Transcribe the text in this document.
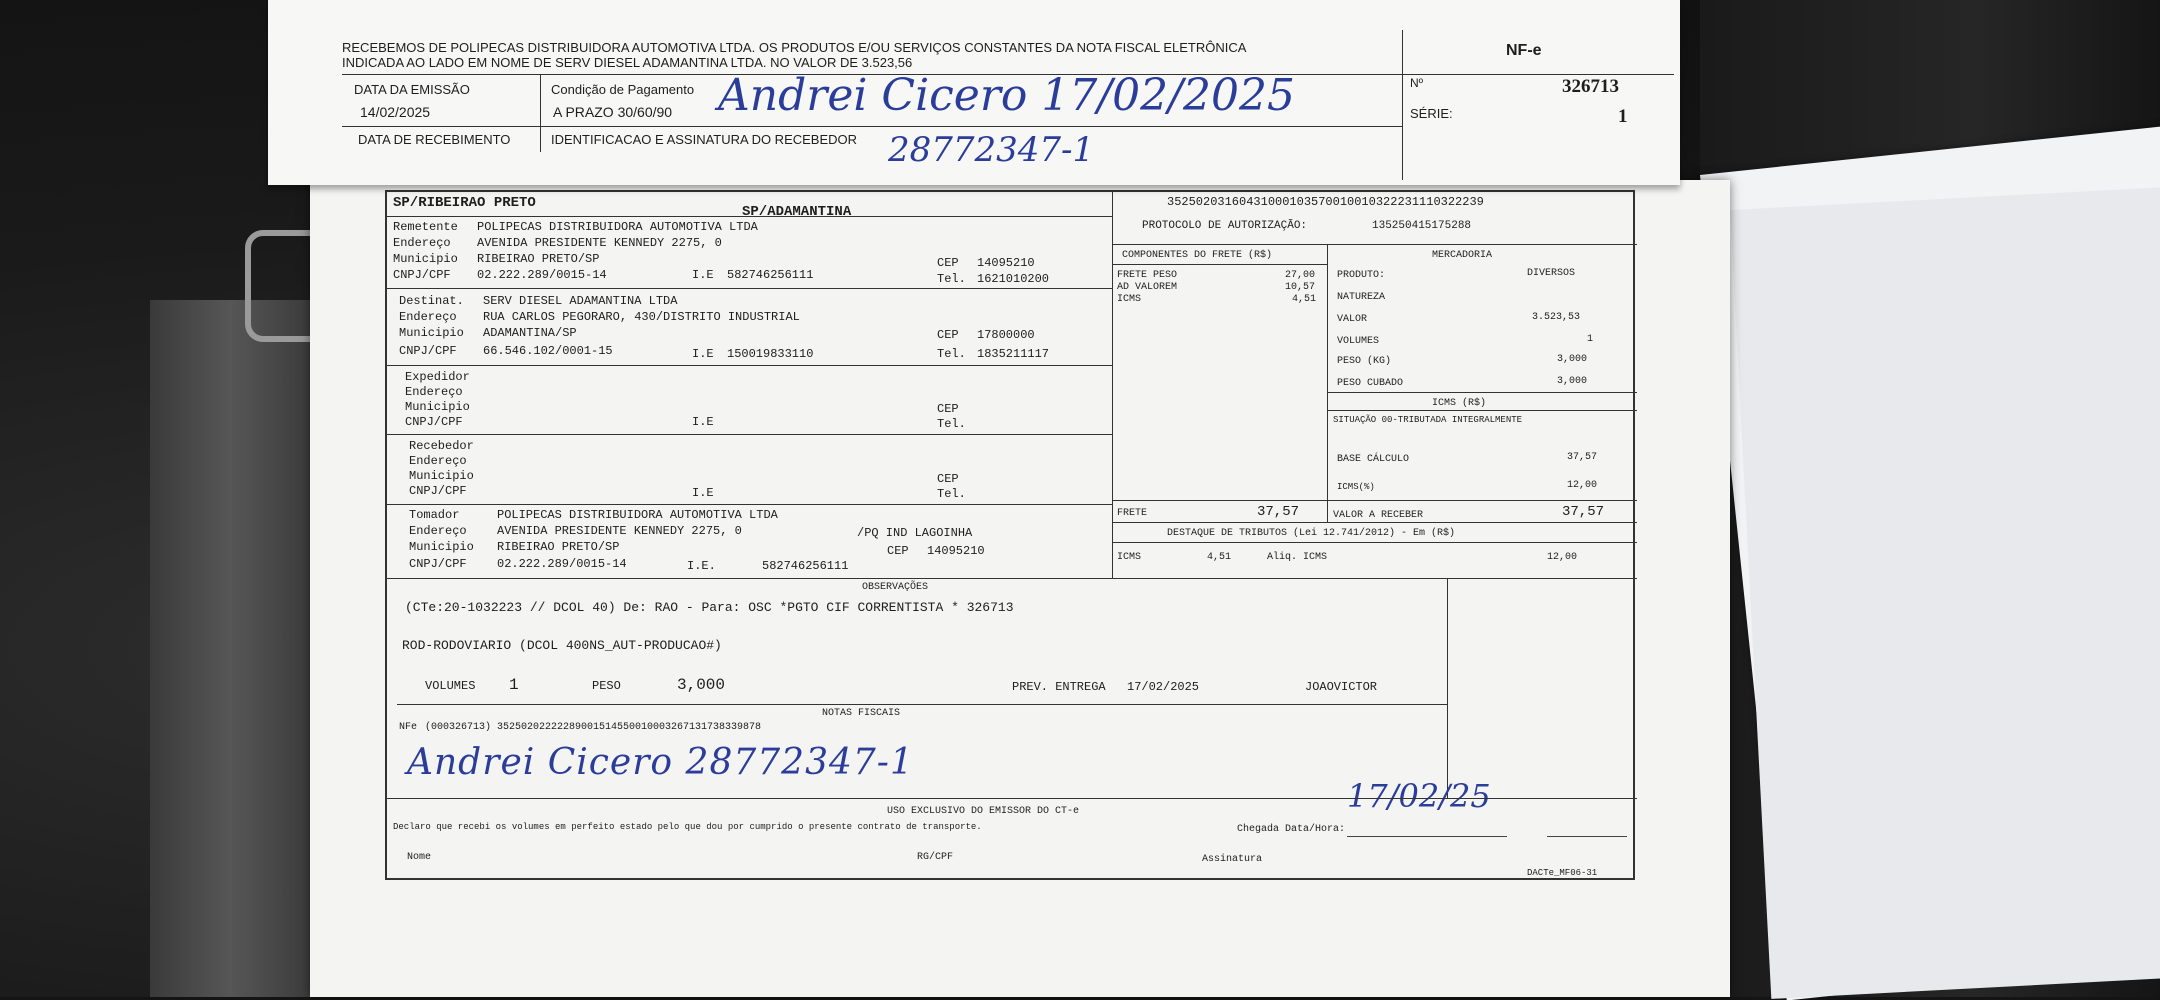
SP/RIBEIRAO PRETO
SP/ADAMANTINA
35250203160431000103570010010322231110322239
PROTOCOLO DE AUTORIZAÇÃO:	135250415175288
Remetente POLIPECAS DISTRIBUIDORA AUTOMOTIVA LTDA
Endereço AVENIDA PRESIDENTE KENNEDY 2275, 0
Municipio RIBEIRAO PRETO/SP
CNPJ/CPF 02.222.289/0015-14	I.E 582746256111
CEP 14095210
Tel. 1621010200
Destinat. SERV DIESEL ADAMANTINA LTDA
Endereço RUA CARLOS PEGORARO, 430/DISTRITO INDUSTRIAL
Municipio ADAMANTINA/SP
CNPJ/CPF 66.546.102/0001-15	I.E 150019833110
CEP 17800000
Tel. 1835211117
Expedidor
Endereço
Municipio
CNPJ/CPF	I.E
CEP
Tel.
Recebedor
Endereço
Municipio
CNPJ/CPF	I.E
CEP
Tel.
Tomador	POLIPECAS DISTRIBUIDORA AUTOMOTIVA LTDA
Endereço	AVENIDA PRESIDENTE KENNEDY 2275, 0	/PQ IND LAGOINHA
Municipio RIBEIRAO PRETO/SP	CEP 14095210
CNPJ/CPF	02.222.289/0015-14	I.E.	582746256111
COMPONENTES DO FRETE (R$)
FRETE PESO	27,00
AD VALOREM	10,57
ICMS	4,51
FRETE	37,57
MERCADORIA
PRODUTO:	DIVERSOS
NATUREZA
VALOR	3.523,53
VOLUMES	1
PESO (KG)	3,000
PESO CUBADO	3,000
ICMS (R$)
SITUAÇÃO 00-TRIBUTADA INTEGRALMENTE
BASE CÁLCULO	37,57
ICMS(%)	12,00
VALOR A RECEBER	37,57
DESTAQUE DE TRIBUTOS (Lei 12.741/2012) - Em (R$)
ICMS	4,51	Aliq. ICMS	12,00
OBSERVAÇÕES
(CTe:20-1032223 // DCOL 40) De: RAO - Para: OSC *PGTO CIF CORRENTISTA * 326713
ROD-RODOVIARIO (DCOL 400NS_AUT-PRODUCAO#)
VOLUMES 1	PESO	3,000	PREV. ENTREGA 17/02/2025	JOAOVICTOR
NOTAS FISCAIS
NFe (000326713) 35250202222289001514550010003267131738339878
Andrei Cicero 28772347-1
17/02/25
USO EXCLUSIVO DO EMISSOR DO CT-e
Declaro que recebi os volumes em perfeito estado pelo que dou por cumprido o presente contrato de transporte.	Chegada Data/Hora:
Nome	RG/CPF	Assinatura
DACTe_MF06-31
RECEBEMOS DE POLIPECAS DISTRIBUIDORA AUTOMOTIVA LTDA. OS PRODUTOS E/OU SERVIÇOS CONSTANTES DA NOTA FISCAL ELETRÔNICA
INDICADA AO LADO EM NOME DE SERV DIESEL ADAMANTINA LTDA. NO VALOR DE 3.523,56
DATA DA EMISSÃO
14/02/2025
Condição de Pagamento
A PRAZO 30/60/90
DATA DE RECEBIMENTO	IDENTIFICACAO E ASSINATURA DO RECEBEDOR
Andrei Cicero 17/02/2025
28772347-1
NF-e
Nº	326713
SÉRIE:	1
